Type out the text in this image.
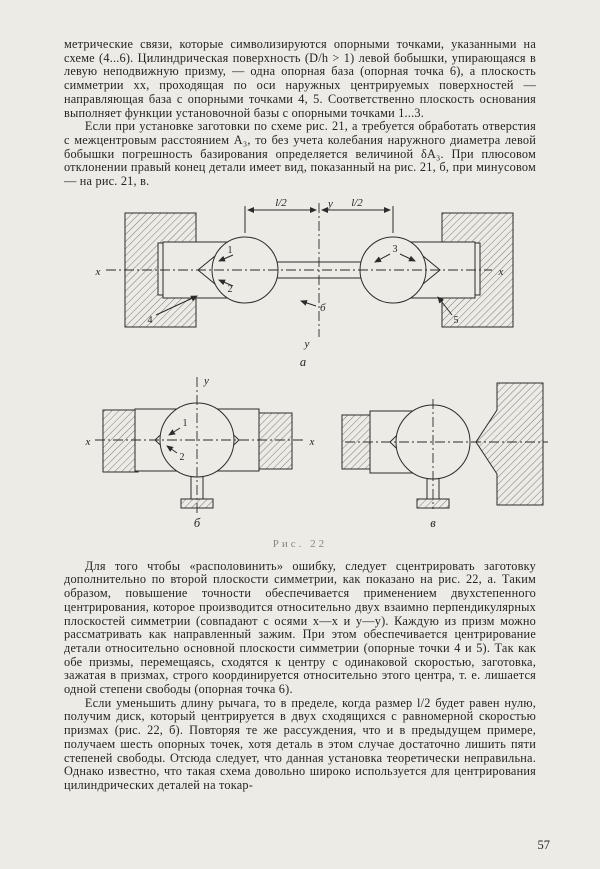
метрические связи, которые символизируются опорными точками, указанными на схеме (4...6). Цилиндрическая поверхность (D/h > 1) левой бобышки, упирающаяся в левую неподвижную призму, — одна опорная база (опорная точка 6), а плоскость симметрии xx, проходящая по оси наружных центрируемых поверхностей — направляющая база с опорными точками 4, 5. Соответственно плоскость основания выполняет функции установочной базы с опорными точками 1...3.

Если при установке заготовки по схеме рис. 21, а требуется обработать отверстия с межцентровым расстоянием A₃, то без учета колебания наружного диаметра левой бобышки погрешность базирования определяется величиной δA₃. При плюсовом отклонении правый конец детали имеет вид, показанный на рис. 21, б, при минусовом — на рис. 21, в.

l/2	l/2
у
у
x	x
1
2
3
4	5
б
а
x	x
у
1
2
б	в
Рис. 22

Для того чтобы «располовинить» ошибку, следует сцентрировать заготовку дополнительно по второй плоскости симметрии, как показано на рис. 22, а. Таким образом, повышение точности обеспечивается применением двухстепенного центрирования, которое производится относительно двух взаимно перпендикулярных плоскостей симметрии (совпадают с осями x—x и y—y). Каждую из призм можно рассматривать как направленный зажим. При этом обеспечивается центрирование детали относительно основной плоскости симметрии (опорные точки 4 и 5). Так как обе призмы, перемещаясь, сходятся к центру с одинаковой скоростью, заготовка, зажатая в призмах, строго координируется относительно этого центра, т. е. лишается одной степени свободы (опорная точка 6).

Если уменьшить длину рычага, то в пределе, когда размер l/2 будет равен нулю, получим диск, который центрируется в двух сходящихся с равномерной скоростью призмах (рис. 22, б). Повторяя те же рассуждения, что и в предыдущем примере, получаем шесть опорных точек, хотя деталь в этом случае достаточно лишить пяти степеней свободы. Отсюда следует, что данная установка теоретически неправильна. Однако известно, что такая схема довольно широко используется для центрирования цилиндрических деталей на токар-

57
